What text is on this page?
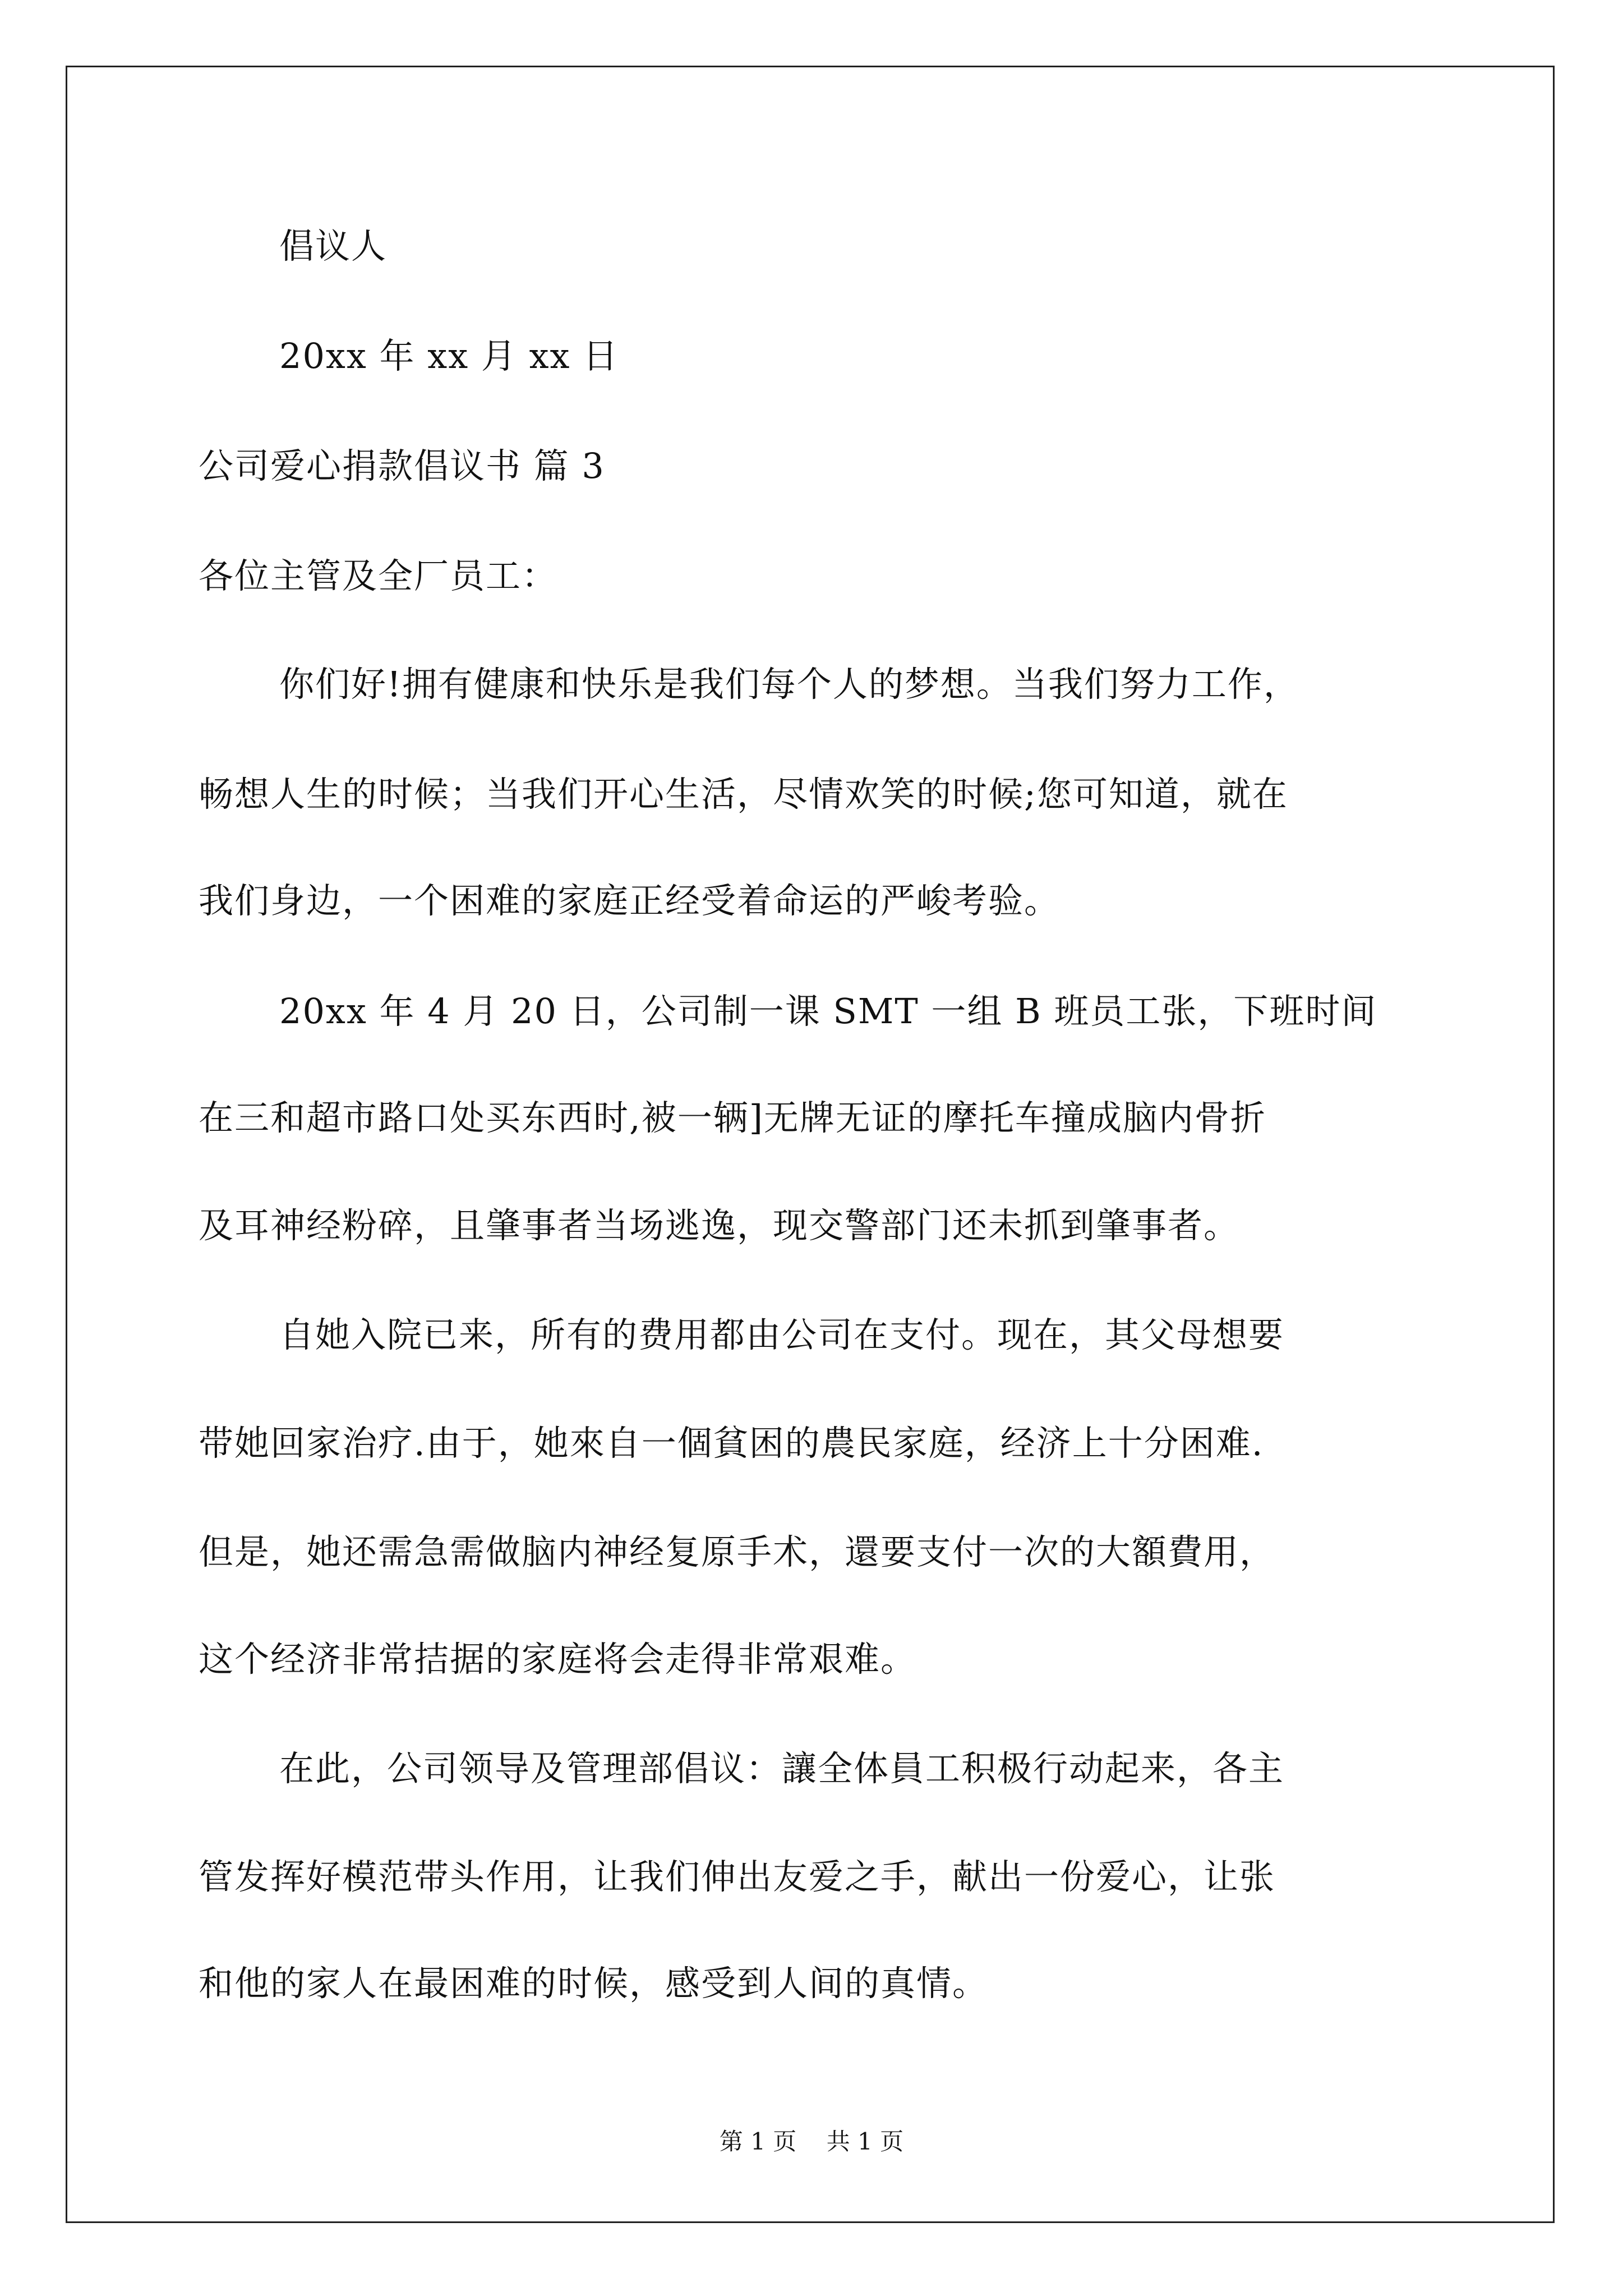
倡议人
20xx 年 xx 月 xx 日
公司爱心捐款倡议书 篇 3
各位主管及全厂员工：
你们好!拥有健康和快乐是我们每个人的梦想。当我们努力工作，
畅想人生的时候；当我们开心生活，尽情欢笑的时候;您可知道，就在
我们身边，一个困难的家庭正经受着命运的严峻考验。
20xx 年 4 月 20 日，公司制一课 SMT 一组 B 班员工张，下班时间
在三和超市路口处买东西时,被一辆]无牌无证的摩托车撞成脑内骨折
及耳神经粉碎，且肇事者当场逃逸，现交警部门还未抓到肇事者。
自她入院已来，所有的费用都由公司在支付。现在，其父母想要
带她回家治疗.由于，她來自一個貧困的農民家庭，经济上十分困难.
但是，她还需急需做脑内神经复原手术，還要支付一次的大額費用，
这个经济非常拮据的家庭将会走得非常艰难。
在此，公司领导及管理部倡议：讓全体員工积极行动起来，各主
管发挥好模范带头作用，让我们伸出友爱之手，献出一份爱心，让张
和他的家人在最困难的时候，感受到人间的真情。
第 1 页    共 1 页
